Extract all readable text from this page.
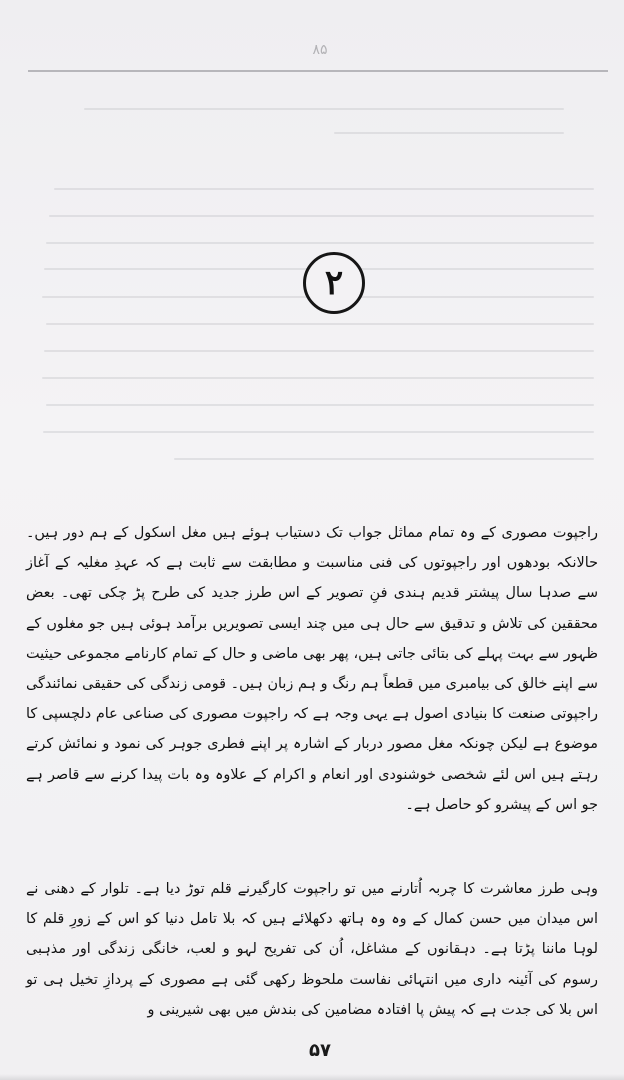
۸۵
۲

راجپوت مصوری کے وہ تمام مماثل جواب تک دستیاب ہوئے ہیں مغل اسکول کے ہم دور ہیں۔ حالانکہ بودھوں اور راجپوتوں کی فنی مناسبت و مطابقت سے ثابت ہے کہ عہدِ مغلیہ کے آغاز سے صدہا سال پیشتر قدیم ہندی فنِ تصویر کے اس طرز جدید کی طرح پڑ چکی تھی۔ بعض محققین کی تلاش و تدقیق سے حال ہی میں چند ایسی تصویریں برآمد ہوئی ہیں جو مغلوں کے ظہور سے بہت پہلے کی بتائی جاتی ہیں، پھر بھی ماضی و حال کے تمام کارنامے مجموعی حیثیت سے اپنے خالق کی بیامبری میں قطعاً ہم رنگ و ہم زبان ہیں۔ قومی زندگی کی حقیقی نمائندگی راجپوتی صنعت کا بنیادی اصول ہے یہی وجہ ہے کہ راجپوت مصوری کی صناعی عام دلچسپی کا موضوع ہے لیکن چونکہ مغل مصور دربار کے اشارہ پر اپنے فطری جوہر کی نمود و نمائش کرتے رہتے ہیں اس لئے شخصی خوشنودی اور انعام و اکرام کے علاوہ وہ بات پیدا کرنے سے قاصر ہے جو اس کے پیشرو کو حاصل ہے۔

وہی طرز معاشرت کا چربہ اُتارنے میں تو راجپوت کارگیرنے قلم توڑ دیا ہے۔ تلوار کے دھنی نے اس میدان میں حسن کمال کے وہ وہ ہاتھ دکھلائے ہیں کہ بلا تامل دنیا کو اس کے زورِ قلم کا لوہا ماننا پڑتا ہے۔ دہقانوں کے مشاغل، اُن کی تفریح لہو و لعب، خانگی زندگی اور مذہبی رسوم کی آئینہ داری میں انتہائی نفاست ملحوظ رکھی گئی ہے مصوری کے پردازِ تخیل ہی تو اس بلا کی جدت ہے کہ پیش پا افتادہ مضامین کی بندش میں بھی شیرینی و

۵۷
